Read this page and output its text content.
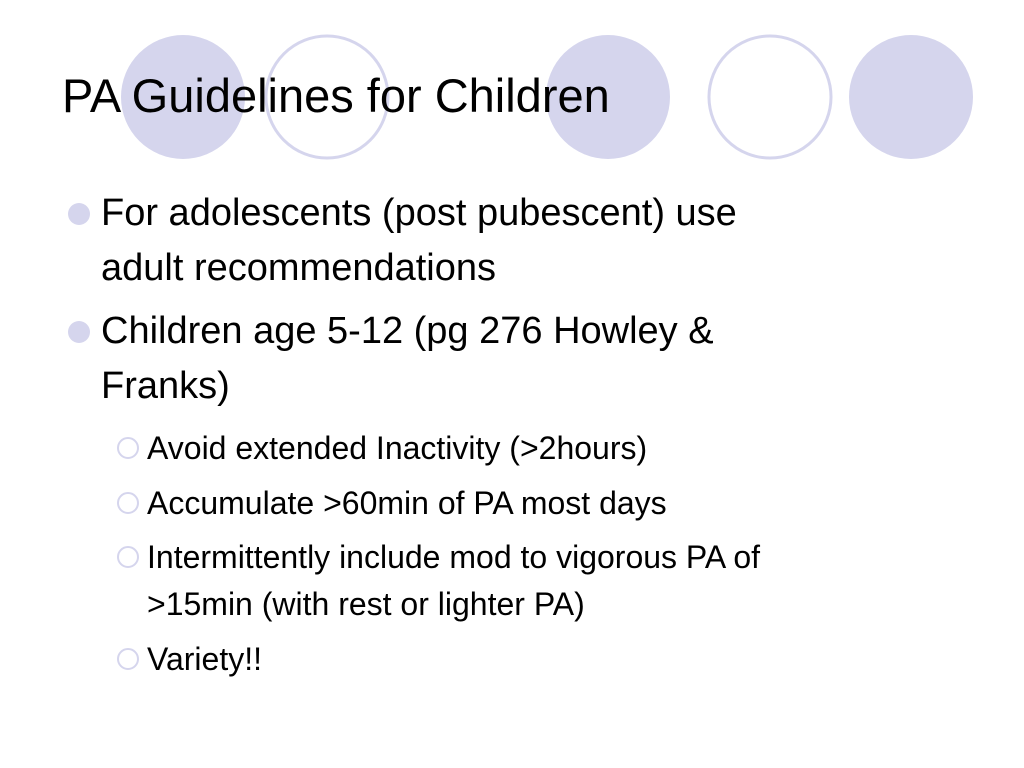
PA Guidelines for Children
For adolescents (post pubescent) use
adult recommendations
Children age 5-12 (pg 276 Howley &
Franks)
Avoid extended Inactivity (>2hours)
Accumulate >60min of PA most days
Intermittently include mod to vigorous PA of
>15min (with rest or lighter PA)
Variety!!
